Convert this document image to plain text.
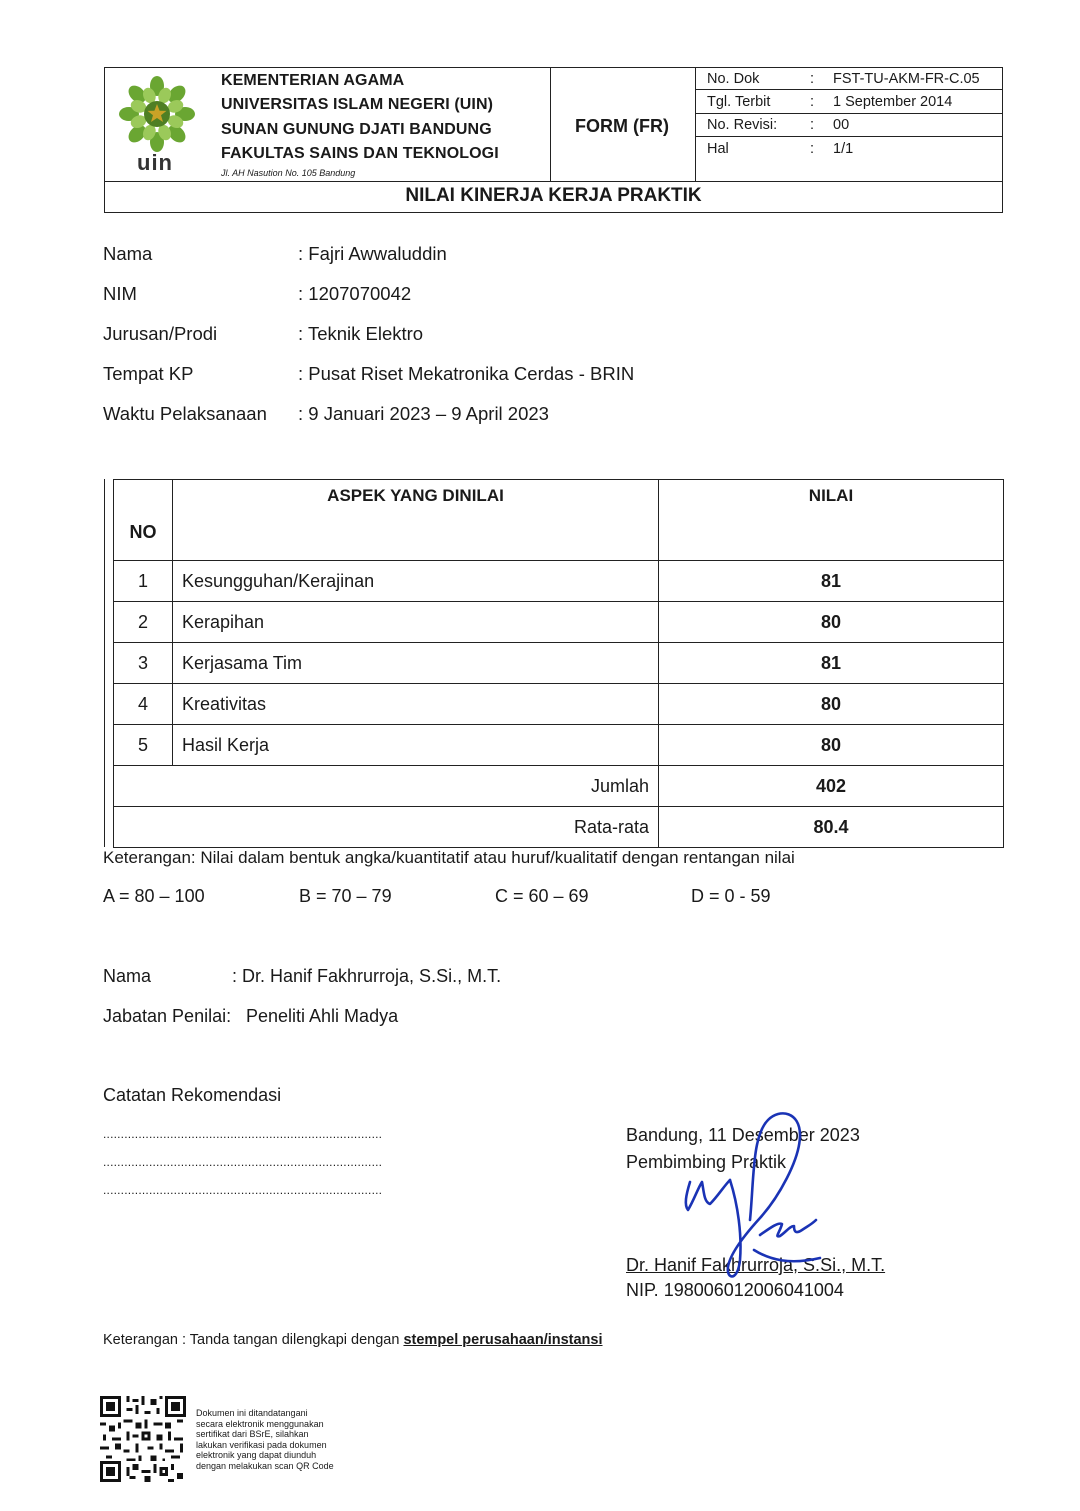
uin
KEMENTERIAN AGAMA
UNIVERSITAS ISLAM NEGERI (UIN)
SUNAN GUNUNG DJATI BANDUNG
FAKULTAS SAINS DAN TEKNOLOGI
Jl. AH Nasution No. 105 Bandung
FORM (FR)
No. Dok	: FST-TU-AKM-FR-C.05
Tgl. Terbit	: 1 September 2014
No. Revisi: : 00
Hal	: 1/1
NILAI KINERJA KERJA PRAKTIK
Nama	: Fajri Awwaluddin
NIM	: 1207070042
Jurusan/Prodi	: Teknik Elektro
Tempat KP	: Pusat Riset Mekatronika Cerdas - BRIN
Waktu Pelaksanaan : 9 Januari 2023 – 9 April 2023
NO	ASPEK YANG DINILAI	NILAI

1	Kesungguhan/Kerajinan	81
2	Kerapihan	80
3	Kerjasama Tim	81
4	Kreativitas	80
5	Hasil Kerja	80
Jumlah		402
Rata-rata		80.4
Keterangan: Nilai dalam bentuk angka/kuantitatif atau huruf/kualitatif dengan rentangan nilai
A = 80 – 100	B = 70 – 79	C = 60 – 69	D = 0 - 59
Nama	: Dr. Hanif Fakhrurroja, S.Si., M.T.
Jabatan Penilai: Peneliti Ahli Madya
Catatan Rekomendasi
...............................................................................
...............................................................................
...............................................................................
Bandung, 11 Desember 2023
Pembimbing Praktik
Dr. Hanif Fakhrurroja, S.Si., M.T.
NIP. 198006012006041004
Keterangan : Tanda tangan dilengkapi dengan stempel perusahaan/instansi
Dokumen ini ditandatangani
secara elektronik menggunakan
sertifikat dari BSrE, silahkan
lakukan verifikasi pada dokumen
elektronik yang dapat diunduh
dengan melakukan scan QR Code
